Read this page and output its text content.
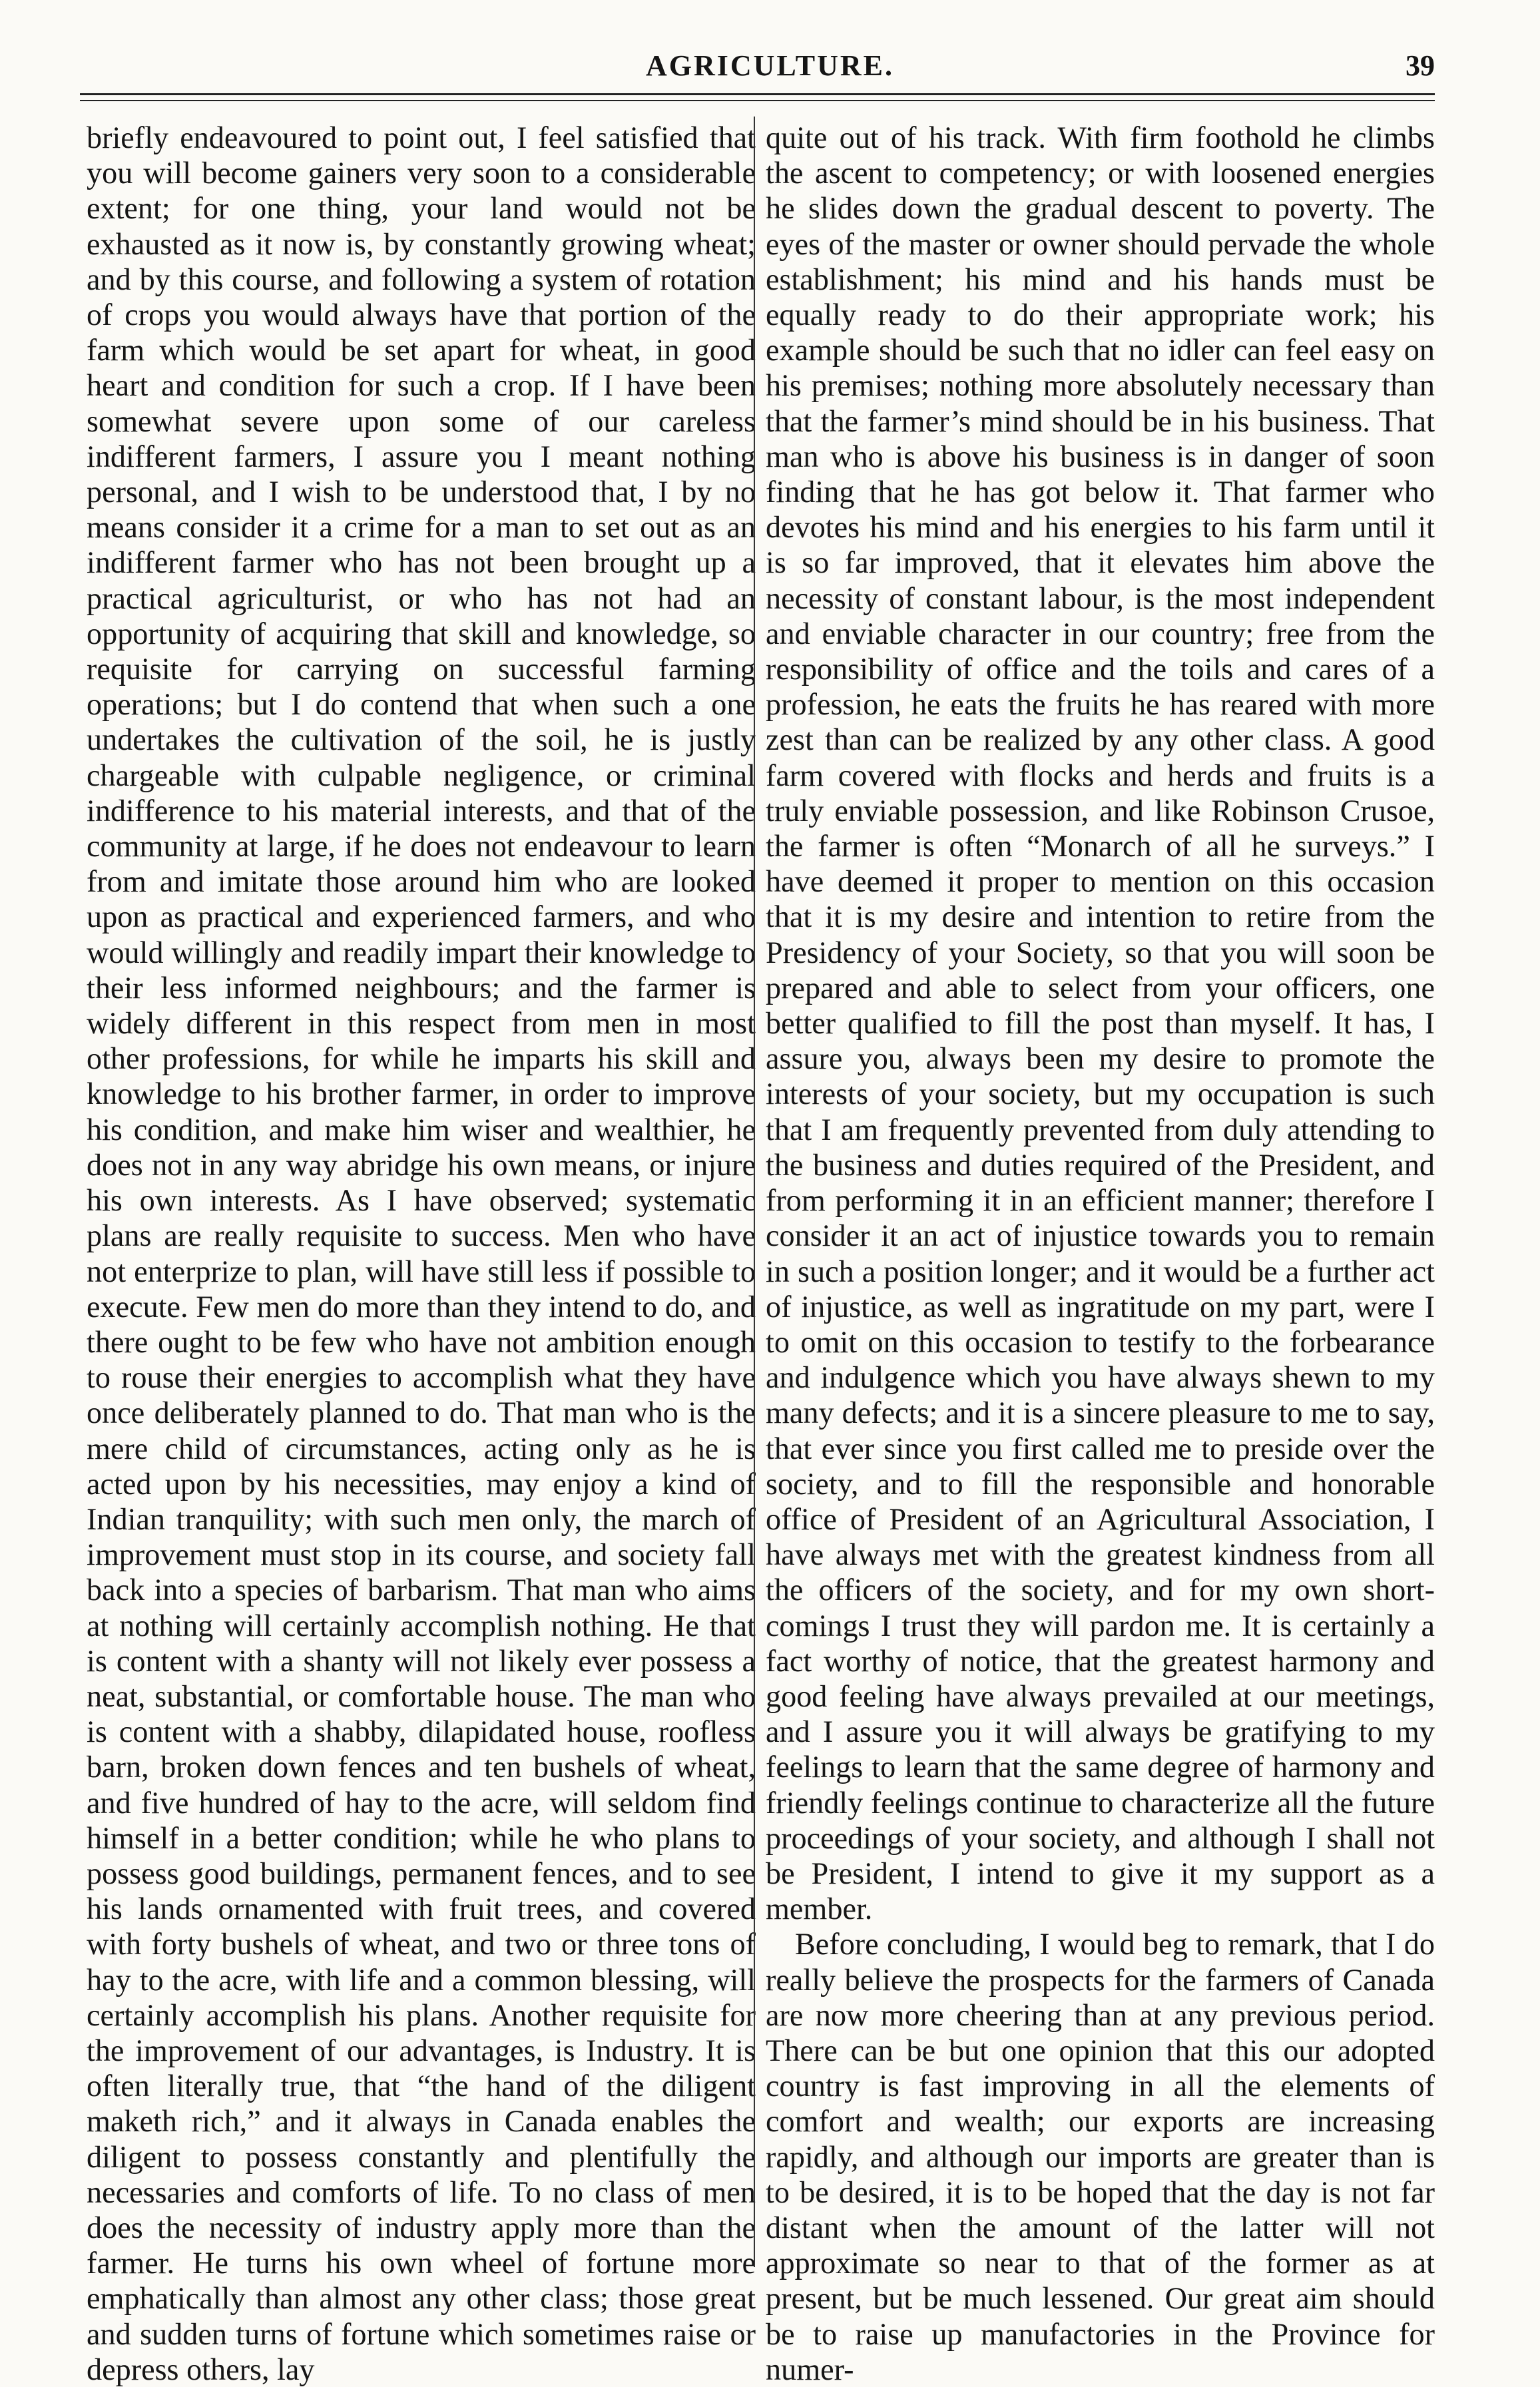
AGRICULTURE.	39

briefly endeavoured to point out, I feel satisfied that you will become gainers very soon to a considerable extent; for one thing, your land would not be exhausted as it now is, by constantly growing wheat; and by this course, and following a system of rotation of crops you would always have that portion of the farm which would be set apart for wheat, in good heart and condition for such a crop. If I have been somewhat severe upon some of our careless indifferent farmers, I assure you I meant nothing personal, and I wish to be understood that, I by no means consider it a crime for a man to set out as an indifferent farmer who has not been brought up a practical agriculturist, or who has not had an opportunity of acquiring that skill and knowledge, so requisite for carrying on successful farming operations; but I do contend that when such a one undertakes the cultivation of the soil, he is justly chargeable with culpable negligence, or criminal indifference to his material interests, and that of the community at large, if he does not endeavour to learn from and imitate those around him who are looked upon as practical and experienced farmers, and who would willingly and readily impart their knowledge to their less informed neighbours; and the farmer is widely different in this respect from men in most other professions, for while he imparts his skill and knowledge to his brother farmer, in order to improve his condition, and make him wiser and wealthier, he does not in any way abridge his own means, or injure his own interests. As I have observed; systematic plans are really requisite to success. Men who have not enterprize to plan, will have still less if possible to execute. Few men do more than they intend to do, and there ought to be few who have not ambition enough to rouse their energies to accomplish what they have once deliberately planned to do. That man who is the mere child of circumstances, acting only as he is acted upon by his necessities, may enjoy a kind of Indian tranquility; with such men only, the march of improvement must stop in its course, and society fall back into a species of barbarism. That man who aims at nothing will certainly accomplish nothing. He that is content with a shanty will not likely ever possess a neat, substantial, or comfortable house. The man who is content with a shabby, dilapidated house, roofless barn, broken down fences and ten bushels of wheat, and five hundred of hay to the acre, will seldom find himself in a better condition; while he who plans to possess good buildings, permanent fences, and to see his lands ornamented with fruit trees, and covered with forty bushels of wheat, and two or three tons of hay to the acre, with life and a common blessing, will certainly accomplish his plans. Another requisite for the improvement of our advantages, is Industry. It is often literally true, that “the hand of the diligent maketh rich,” and it always in Canada enables the diligent to possess constantly and plentifully the necessaries and comforts of life. To no class of men does the necessity of industry apply more than the farmer. He turns his own wheel of fortune more emphatically than almost any other class; those great and sudden turns of fortune which sometimes raise or depress others, lay

quite out of his track. With firm foothold he climbs the ascent to competency; or with loosened energies he slides down the gradual descent to poverty. The eyes of the master or owner should pervade the whole establishment; his mind and his hands must be equally ready to do their appropriate work; his example should be such that no idler can feel easy on his premises; nothing more absolutely necessary than that the farmer’s mind should be in his business. That man who is above his business is in danger of soon finding that he has got below it. That farmer who devotes his mind and his energies to his farm until it is so far improved, that it elevates him above the necessity of constant labour, is the most independent and enviable character in our country; free from the responsibility of office and the toils and cares of a profession, he eats the fruits he has reared with more zest than can be realized by any other class. A good farm covered with flocks and herds and fruits is a truly enviable possession, and like Robinson Crusoe, the farmer is often “Monarch of all he surveys.” I have deemed it proper to mention on this occasion that it is my desire and intention to retire from the Presidency of your Society, so that you will soon be prepared and able to select from your officers, one better qualified to fill the post than myself. It has, I assure you, always been my desire to promote the interests of your society, but my occupation is such that I am frequently prevented from duly attending to the business and duties required of the President, and from performing it in an efficient manner; therefore I consider it an act of injustice towards you to remain in such a position longer; and it would be a further act of injustice, as well as ingratitude on my part, were I to omit on this occasion to testify to the forbearance and indulgence which you have always shewn to my many defects; and it is a sincere pleasure to me to say, that ever since you first called me to preside over the society, and to fill the responsible and honorable office of President of an Agricultural Association, I have always met with the greatest kindness from all the officers of the society, and for my own short-comings I trust they will pardon me. It is certainly a fact worthy of notice, that the greatest harmony and good feeling have always prevailed at our meetings, and I assure you it will always be gratifying to my feelings to learn that the same degree of harmony and friendly feelings continue to characterize all the future proceedings of your society, and although I shall not be President, I intend to give it my support as a member.

Before concluding, I would beg to remark, that I do really believe the prospects for the farmers of Canada are now more cheering than at any previous period. There can be but one opinion that this our adopted country is fast improving in all the elements of comfort and wealth; our exports are increasing rapidly, and although our imports are greater than is to be desired, it is to be hoped that the day is not far distant when the amount of the latter will not approximate so near to that of the former as at present, but be much lessened. Our great aim should be to raise up manufactories in the Province for numer-
